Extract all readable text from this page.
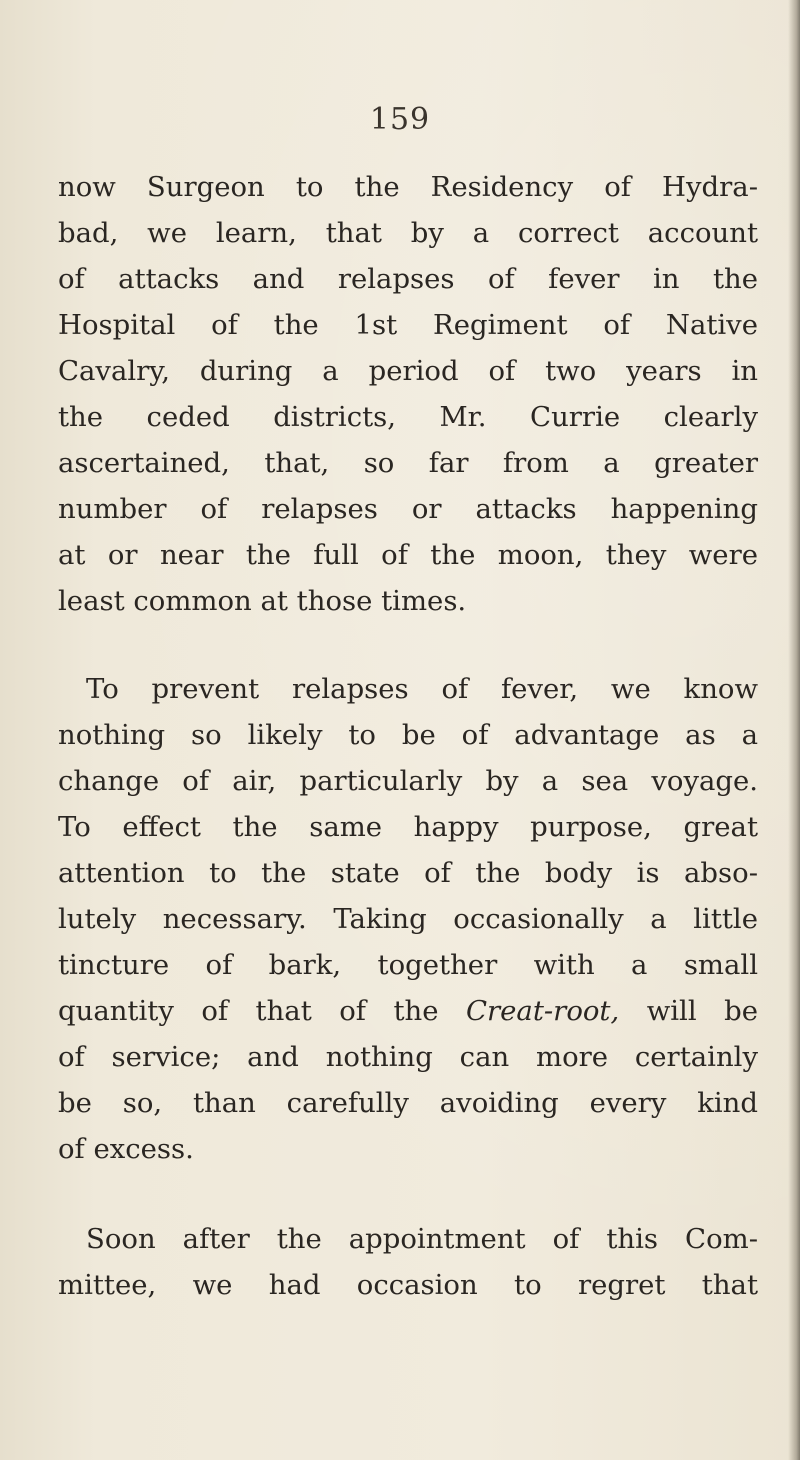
159
now Surgeon to the Residency of Hydra-
bad, we learn, that by a correct account
of attacks and relapses of fever in the
Hospital of the 1st Regiment of Native
Cavalry, during a period of two years in
the ceded districts, Mr. Currie clearly
ascertained, that, so far from a greater
number of relapses or attacks happening
at or near the full of the moon, they were
least common at those times.
To prevent relapses of fever, we know
nothing so likely to be of advantage as a
change of air, particularly by a sea voyage.
To effect the same happy purpose, great
attention to the state of the body is abso-
lutely necessary. Taking occasionally a little
tincture of bark, together with a small
quantity of that of the Creat-root, will be
of service; and nothing can more certainly
be so, than carefully avoiding every kind
of excess.
Soon after the appointment of this Com-
mittee, we had occasion to regret that
